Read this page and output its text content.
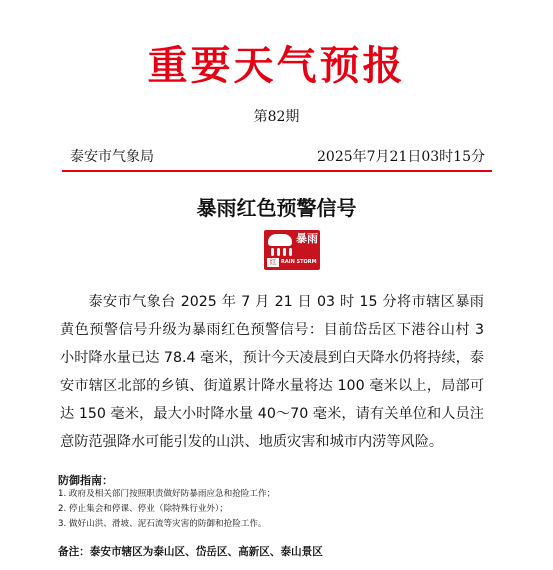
重要天气预报
第82期
泰安市气象局	2025年7月21日03时15分
暴雨红色预警信号
暴雨
红 RAIN STORM
泰安市气象台 2025 年 7 月 21 日 03 时 15 分将市辖区暴雨黄色预警信号升级为暴雨红色预警信号：目前岱岳区下港谷山村 3 小时降水量已达 78.4 毫米，预计今天凌晨到白天降水仍将持续，泰安市辖区北部的乡镇、街道累计降水量将达 100 毫米以上，局部可达 150 毫米，最大小时降水量 40～70 毫米，请有关单位和人员注意防范强降水可能引发的山洪、地质灾害和城市内涝等风险。
防御指南：
1. 政府及相关部门按照职责做好防暴雨应急和抢险工作；
2. 停止集会和停课、停业（除特殊行业外）；
3. 做好山洪、滑坡、泥石流等灾害的防御和抢险工作。
备注：泰安市辖区为泰山区、岱岳区、高新区、泰山景区
